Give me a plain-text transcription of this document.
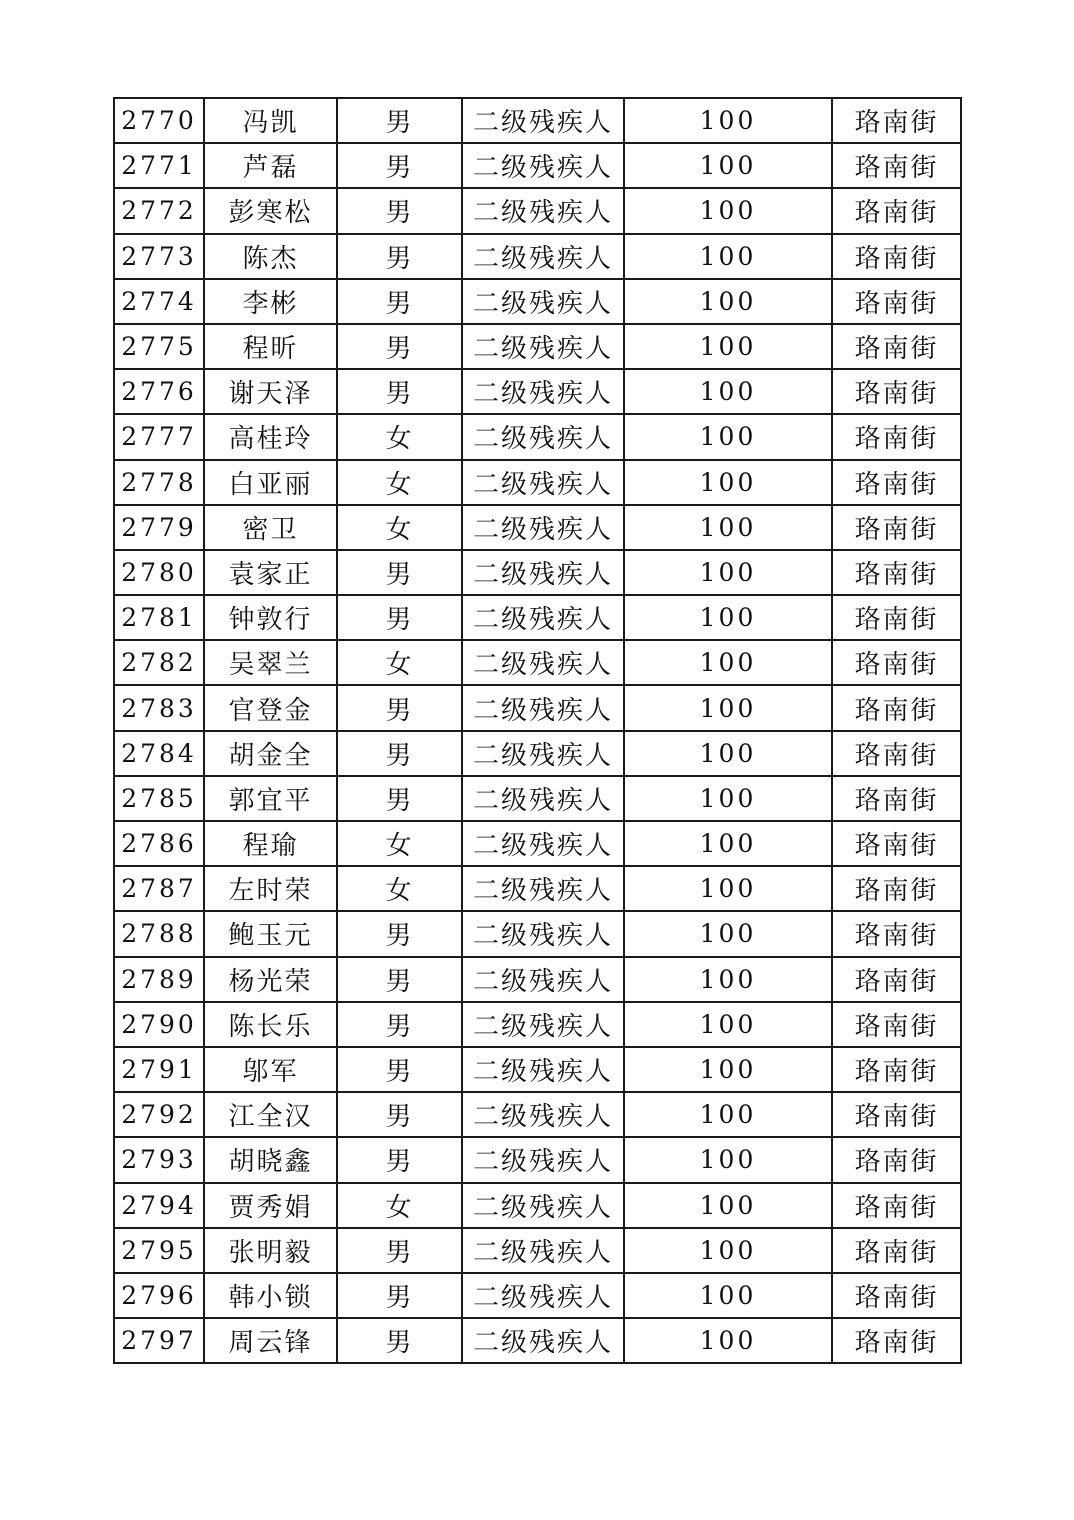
2770	冯凯	男	二级残疾人	100	珞南街
2771	芦磊	男	二级残疾人	100	珞南街
2772	彭寒松	男	二级残疾人	100	珞南街
2773	陈杰	男	二级残疾人	100	珞南街
2774	李彬	男	二级残疾人	100	珞南街
2775	程昕	男	二级残疾人	100	珞南街
2776	谢天泽	男	二级残疾人	100	珞南街
2777	高桂玲	女	二级残疾人	100	珞南街
2778	白亚丽	女	二级残疾人	100	珞南街
2779	密卫	女	二级残疾人	100	珞南街
2780	袁家正	男	二级残疾人	100	珞南街
2781	钟敦行	男	二级残疾人	100	珞南街
2782	吴翠兰	女	二级残疾人	100	珞南街
2783	官登金	男	二级残疾人	100	珞南街
2784	胡金全	男	二级残疾人	100	珞南街
2785	郭宜平	男	二级残疾人	100	珞南街
2786	程瑜	女	二级残疾人	100	珞南街
2787	左时荣	女	二级残疾人	100	珞南街
2788	鲍玉元	男	二级残疾人	100	珞南街
2789	杨光荣	男	二级残疾人	100	珞南街
2790	陈长乐	男	二级残疾人	100	珞南街
2791	邬军	男	二级残疾人	100	珞南街
2792	江全汉	男	二级残疾人	100	珞南街
2793	胡晓鑫	男	二级残疾人	100	珞南街
2794	贾秀娟	女	二级残疾人	100	珞南街
2795	张明毅	男	二级残疾人	100	珞南街
2796	韩小锁	男	二级残疾人	100	珞南街
2797	周云锋	男	二级残疾人	100	珞南街
